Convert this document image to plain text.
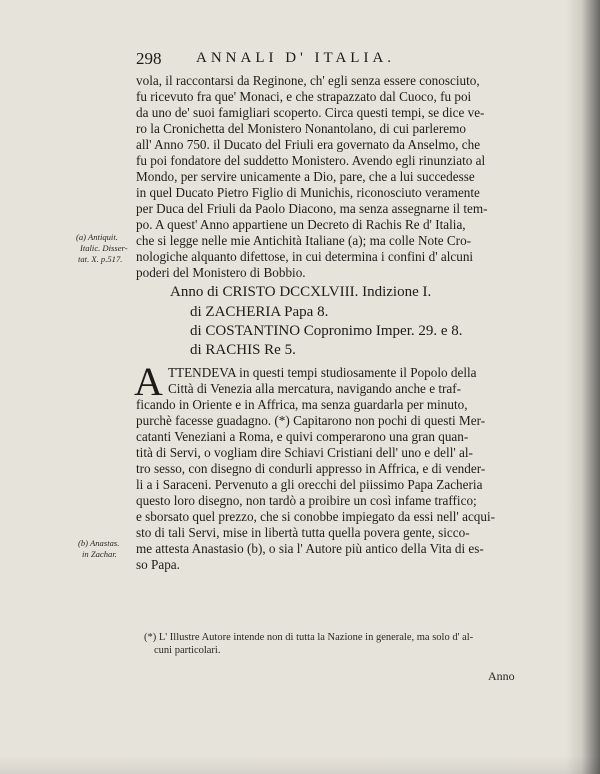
298 ANNALI D' ITALIA.
vola, il raccontarsi da Reginone, ch' egli senza essere conosciuto,
fu ricevuto fra que' Monaci, e che strapazzato dal Cuoco, fu poi
da uno de' suoi famigliari scoperto. Circa questi tempi, se dice ve-
ro la Cronichetta del Monistero Nonantolano, di cui parleremo
all' Anno 750. il Ducato del Friuli era governato da Anselmo, che
fu poi fondatore del suddetto Monistero. Avendo egli rinunziato al
Mondo, per servire unicamente a Dio, pare, che a lui succedesse
in quel Ducato Pietro Figlio di Munichis, riconosciuto veramente
per Duca del Friuli da Paolo Diacono, ma senza assegnarne il tem-
po. A quest' Anno appartiene un Decreto di Rachis Re d' Italia,
che si legge nelle mie Antichità Italiane (a); ma colle Note Cro-
nologiche alquanto difettose, in cui determina i confini d' alcuni
poderi del Monistero di Bobbio.
(a) Antiquit.
Italic. Disser-
tat. X. p.517.
Anno di CRISTO DCCXLVIII. Indizione I.
di ZACHERIA Papa 8.
di COSTANTINO Copronimo Imper. 29. e 8.
di RACHIS Re 5.
A TTENDEVA in questi tempi studiosamente il Popolo della
Città di Venezia alla mercatura, navigando anche e traf-
ficando in Oriente e in Affrica, ma senza guardarla per minuto,
purchè facesse guadagno. (*) Capitarono non pochi di questi Mer-
catanti Veneziani a Roma, e quivi comperarono una gran quan-
tità di Servi, o vogliam dire Schiavi Cristiani dell' uno e dell' al-
tro sesso, con disegno di condurli appresso in Affrica, e di vender-
li a i Saraceni. Pervenuto a gli orecchi del piissimo Papa Zacheria
questo loro disegno, non tardò a proibire un così infame traffico;
e sborsato quel prezzo, che si conobbe impiegato da essi nell' acqui-
sto di tali Servi, mise in libertà tutta quella povera gente, siccο-
me attesta Anastasio (b), o sia l' Autore più antico della Vita di es-
so Papa.
(b) Anastas.
in Zachar.
(*) L' Illustre Autore intende non di tutta la Nazione in generale, ma solo d' al-
cuni particolari.
Anno
